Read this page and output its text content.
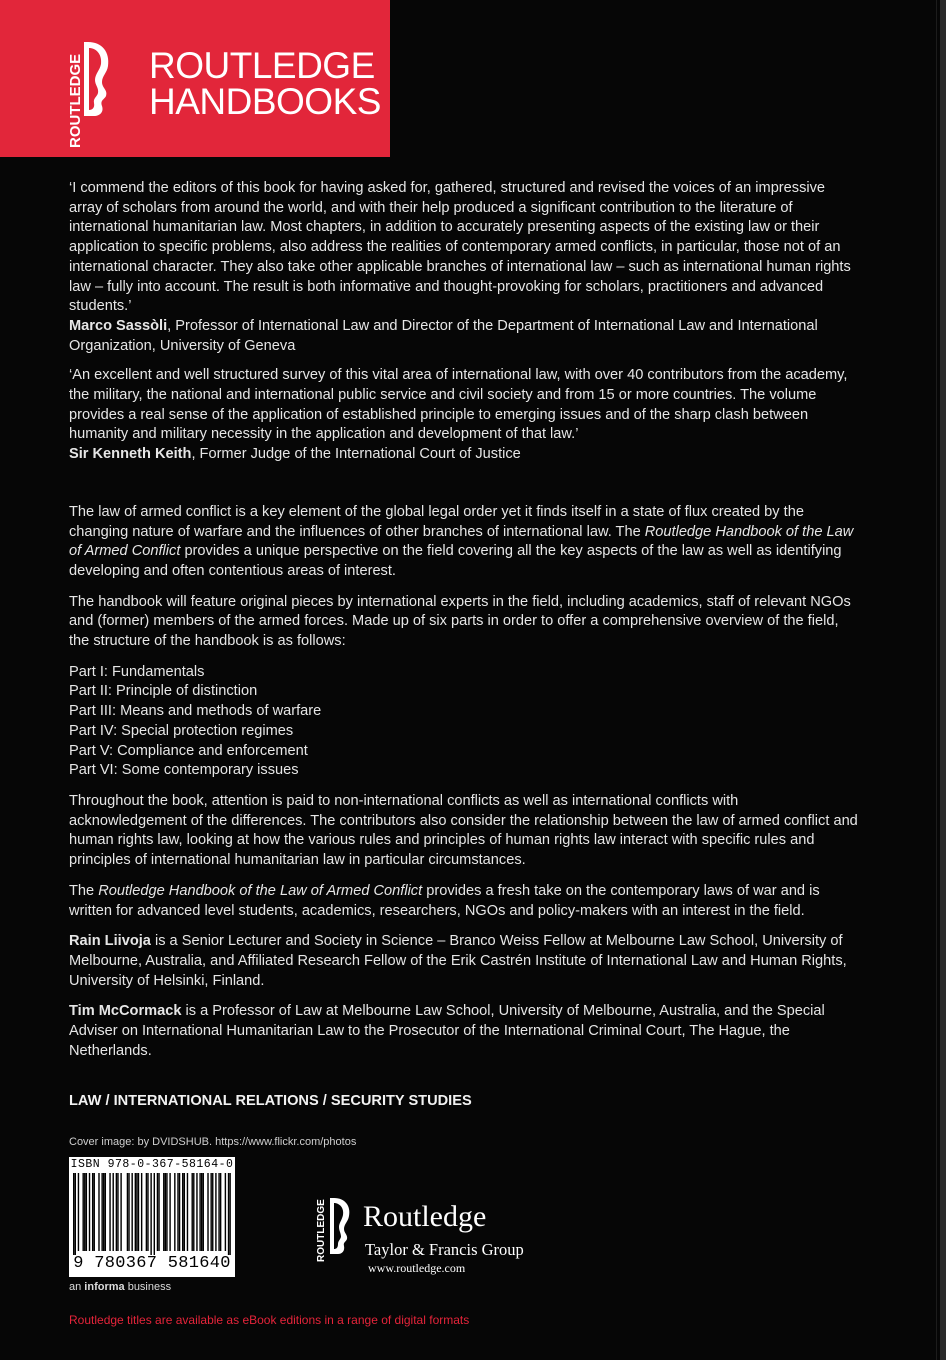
ROUTLEDGE ROUTLEDGE
HANDBOOKS

‘I commend the editors of this book for having asked for, gathered, structured and revised the voices of an impressive array of scholars from around the world, and with their help produced a significant contribution to the literature of international humanitarian law. Most chapters, in addition to accurately presenting aspects of the existing law or their application to specific problems, also address the realities of contemporary armed conflicts, in particular, those not of an international character. They also take other applicable branches of international law – such as international human rights law – fully into account. The result is both informative and thought-provoking for scholars, practitioners and advanced students.’

Marco Sassòli, Professor of International Law and Director of the Department of International Law and International Organization, University of Geneva

‘An excellent and well structured survey of this vital area of international law, with over 40 contributors from the academy, the military, the national and international public service and civil society and from 15 or more countries. The volume provides a real sense of the application of established principle to emerging issues and of the sharp clash between humanity and military necessity in the application and development of that law.’

Sir Kenneth Keith, Former Judge of the International Court of Justice

The law of armed conflict is a key element of the global legal order yet it finds itself in a state of flux created by the changing nature of warfare and the influences of other branches of international law. The Routledge Handbook of the Law of Armed Conflict provides a unique perspective on the field covering all the key aspects of the law as well as identifying developing and often contentious areas of interest.

The handbook will feature original pieces by international experts in the field, including academics, staff of relevant NGOs and (former) members of the armed forces. Made up of six parts in order to offer a comprehensive overview of the field, the structure of the handbook is as follows:

Part I: Fundamentals
Part II: Principle of distinction
Part III: Means and methods of warfare
Part IV: Special protection regimes
Part V: Compliance and enforcement
Part VI: Some contemporary issues

Throughout the book, attention is paid to non-international conflicts as well as international conflicts with acknowledgement of the differences. The contributors also consider the relationship between the law of armed conflict and human rights law, looking at how the various rules and principles of human rights law interact with specific rules and principles of international humanitarian law in particular circumstances.

The Routledge Handbook of the Law of Armed Conflict provides a fresh take on the contemporary laws of war and is written for advanced level students, academics, researchers, NGOs and policy-makers with an interest in the field.

Rain Liivoja is a Senior Lecturer and Society in Science – Branco Weiss Fellow at Melbourne Law School, University of Melbourne, Australia, and Affiliated Research Fellow of the Erik Castrén Institute of International Law and Human Rights, University of Helsinki, Finland.

Tim McCormack is a Professor of Law at Melbourne Law School, University of Melbourne, Australia, and the Special Adviser on International Humanitarian Law to the Prosecutor of the International Criminal Court, The Hague, the Netherlands.

LAW / INTERNATIONAL RELATIONS / SECURITY STUDIES
Cover image: by DVIDSHUB. https://www.flickr.com/photos
ISBN 978-0-367-58164-0
9 780367 581640
an informa business
ROUTLEDGE Routledge
Taylor & Francis Group
www.routledge.com
Routledge titles are available as eBook editions in a range of digital formats
